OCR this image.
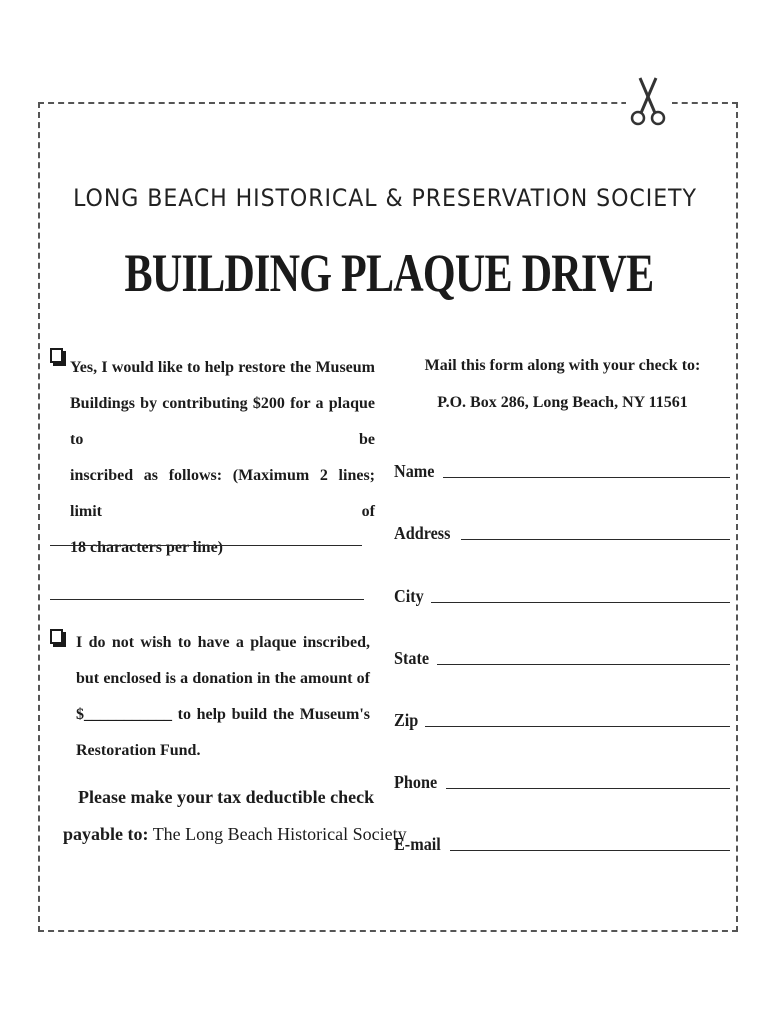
LONG BEACH HISTORICAL & PRESERVATION SOCIETY
BUILDING PLAQUE DRIVE
Yes, I would like to help restore the Museum
Buildings by contributing $200 for a plaque to be
inscribed as follows: (Maximum 2 lines; limit of
18 characters per line)
I do not wish to have a plaque inscribed,
but enclosed is a donation in the amount of
$___________ to help build the Museum's
Restoration Fund.
Please make your tax deductible check
payable to: The Long Beach Historical Society
Mail this form along with your check to:
P.O. Box 286, Long Beach, NY 11561
Name
Address
City
State
Zip
Phone
E-mail
